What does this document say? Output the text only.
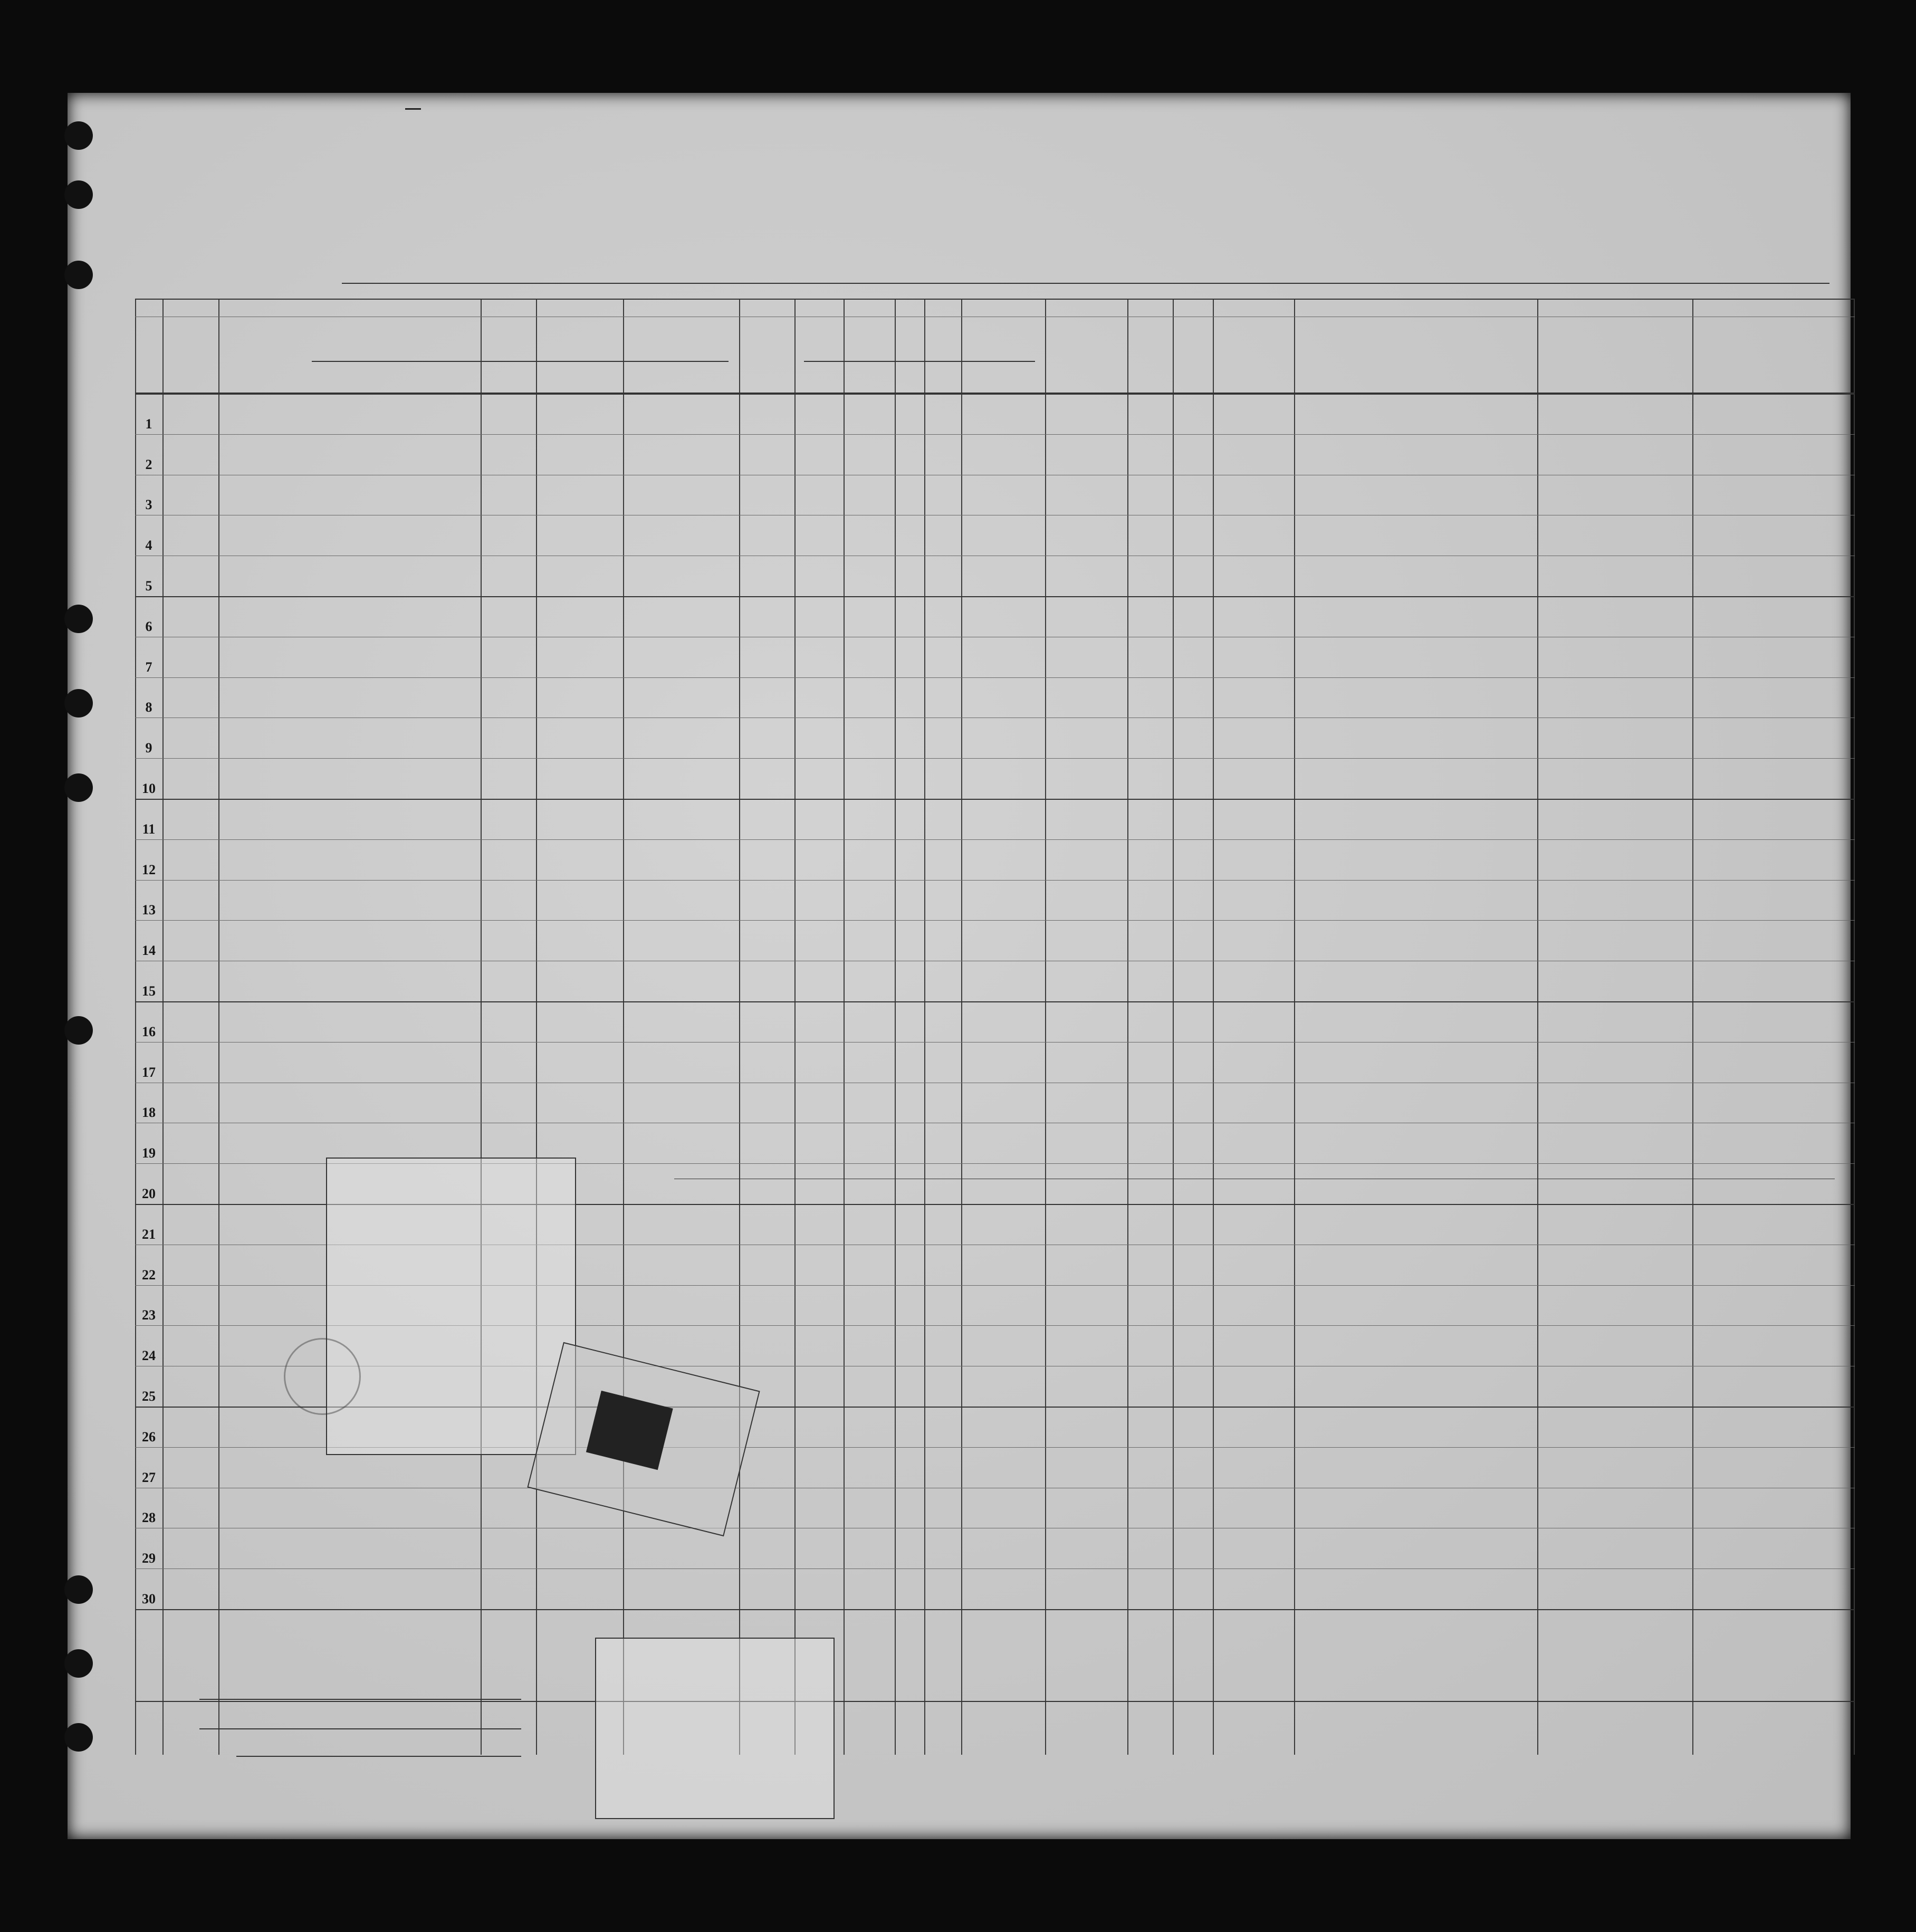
1
2
3
4
5
6
7
8
9
10
11
12
13
14
15
16
17
18
19
20
21
22
23
24
25
26
27
28
29
30
